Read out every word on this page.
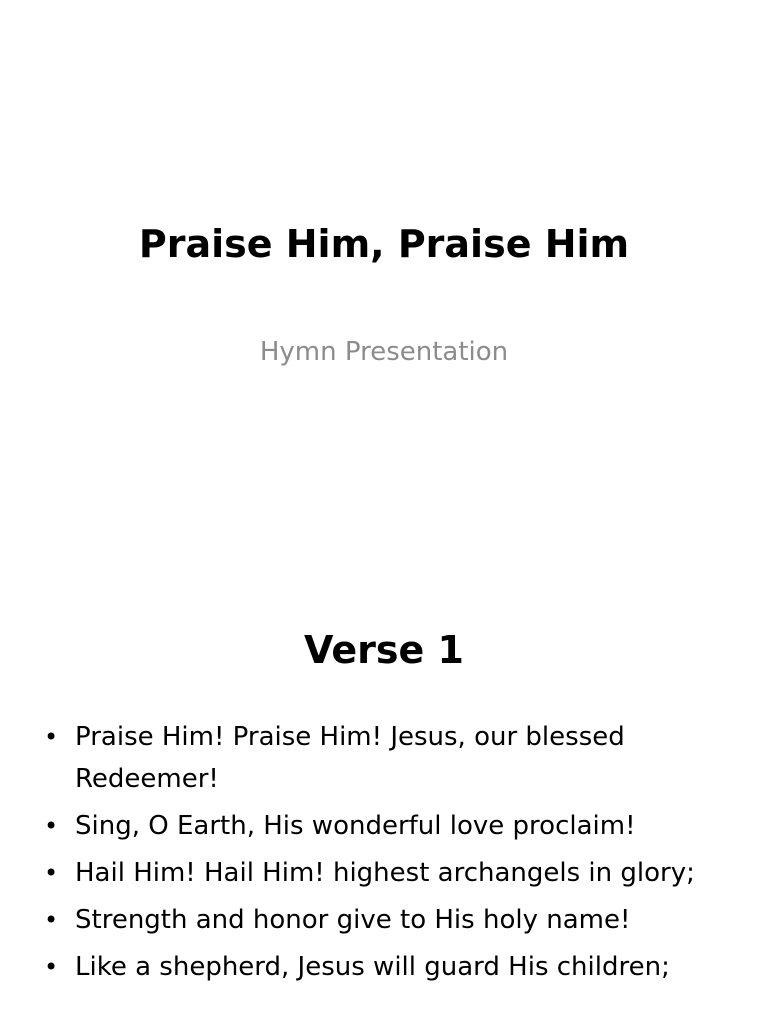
Praise Him, Praise Him
Hymn Presentation
Verse 1
• Praise Him! Praise Him! Jesus, our blessed Redeemer!
• Sing, O Earth, His wonderful love proclaim!
• Hail Him! Hail Him! highest archangels in glory;
• Strength and honor give to His holy name!
• Like a shepherd, Jesus will guard His children;
